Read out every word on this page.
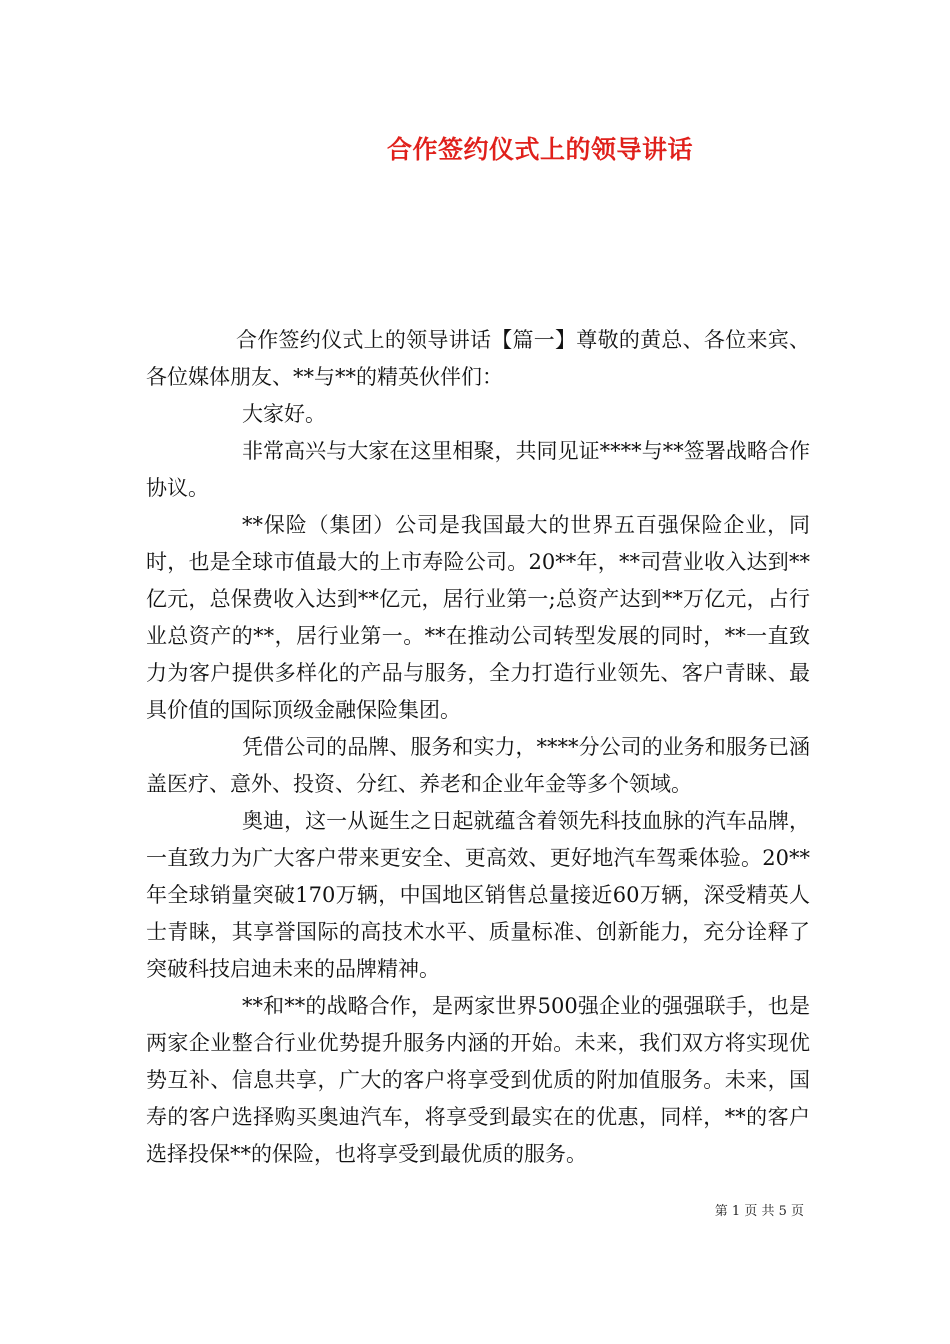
合作签约仪式上的领导讲话

合作签约仪式上的领导讲话【篇一】尊敬的黄总、各位来宾、各位媒体朋友、**与**的精英伙伴们：

大家好。

非常高兴与大家在这里相聚，共同见证****与**签署战略合作协议。

**保险（集团）公司是我国最大的世界五百强保险企业，同时，也是全球市值最大的上市寿险公司。20**年，**司营业收入达到**亿元，总保费收入达到**亿元，居行业第一;总资产达到**万亿元，占行业总资产的**，居行业第一。**在推动公司转型发展的同时，**一直致力为客户提供多样化的产品与服务，全力打造行业领先、客户青睐、最具价值的国际顶级金融保险集团。

凭借公司的品牌、服务和实力，****分公司的业务和服务已涵盖医疗、意外、投资、分红、养老和企业年金等多个领域。

奥迪，这一从诞生之日起就蕴含着领先科技血脉的汽车品牌，一直致力为广大客户带来更安全、更高效、更好地汽车驾乘体验。20**年全球销量突破170万辆，中国地区销售总量接近60万辆，深受精英人士青睐，其享誉国际的高技术水平、质量标准、创新能力，充分诠释了突破科技启迪未来的品牌精神。

**和**的战略合作，是两家世界500强企业的强强联手，也是两家企业整合行业优势提升服务内涵的开始。未来，我们双方将实现优势互补、信息共享，广大的客户将享受到优质的附加值服务。未来，国寿的客户选择购买奥迪汽车，将享受到最实在的优惠，同样，**的客户选择投保**的保险，也将享受到最优质的服务。

第 1 页 共 5 页
